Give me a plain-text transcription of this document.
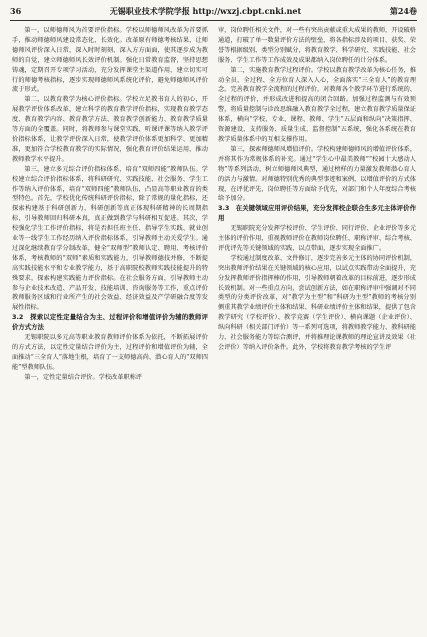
36	无锡职业技术学院学报 http://wxzj.cbpt.cnki.net	第24卷

第一，以师德师风为首要评价指标。学校以师德师风改革为首要抓手，推动师德师风建设常态化、长效化。改革原有师德考核结果，让师德师风评价深入日常，深入时时刻刻、深入方方面面，使其逐步成为教师的自觉，建立师德师风长效评价机制。强化日常教育监督，坚持思想铸魂，定期召开专项学习活动，充分发挥课堂主渠道作用，建立切实可行的师德考核指标，逐步实现师德师风系统化评价，避免师德师风评价流于形式。

第二，以教育教学为核心评价指标。学校立足教书育人的初心，开展教学评价体系改革，建立科学的教育教学评价指标，实现教育教学态度、教育教学内容、教育教学方法、教育教学创新能力、教育教学质量等方面的全覆盖。同时，将教师参与课堂实践、听课评课等纳入教学评价指标体系，让教学评价深入日常，使教学评价体系更加科学、更加精准，更加符合学校教育教学的实际情况，强化教育评价结果运用，推动教师教学水平提升。

第三，建立多元综合评价指标体系，培育“双师四能”教师队伍。学校建立综合评价指标体系，将科研研究、实践技能、社会服务、学生工作等纳入评价体系，培育“双师四能”教师队伍，凸显高等职业教育的类型特色。首先，学校优化传统科研评价指标，除了常规的量化指标，还探索构建基于科研创新力、科研创新等真正体现科研精神的长周期指标，引导教师回归科研本真，真正做到教学与科研相互促进。其次，学校强化学生工作评价指标，将是否担任班主任、指导学生实践、就业创业等一线学生工作经历纳入评价指标体系，引导教师主动关爱学生。通过深化继续教育学分制改革，健全“双师型”教师认定、聘用、考核评价体系，考核教师的“双师”素质和实践能力，引导教师德技并修，不断提高实践技能水平和专业教学能力，基于高职院校教师实践技能提升的特殊要求，探索构建实践能力评价指标。在社会服务方面，引导教师主动参与企业技术改造、产品开发、技能培训、咨询服务等工作，重点评价教师服务区域和行业所产生的社会效益、经济效益及产学研融合度等发展性指标。

3.2　探索以定性定量结合为主、过程评价和增值评价为辅的教师评价方式方法

无锡职院以多元高等职业教育教师评价体系为依托，不断拓展评价的方式方法，以定性定量结合评价为主，过程评价和增值评价为辅，全面推动“三全育人”落地生根，培育了一支师德高尚、潜心育人的“双师四能”型教师队伍。

第一，定性定量结合评价。学校改革职称评

审，岗位聘任相关文件，对一些有突出贡献或重大成果的教师，开设破格通道，打破了单一数量评价方法的壁垒，将各指标涉及的项目、获奖、荣誉等根据级别、类型分别赋分，将教育教学、科学研究、实践技能、社会服务、学生工作等工作成效及成果都纳入岗位聘任的计分体系。

第二，实施教育教学过程评价。学校以教育教学改革为核心任务，推动全员、全过程、全方位育人深入人心，全面落实“三全育人”的教育理念。完善教育教学全流程的过程评价，对教师各个教学环节进行系统的、全过程的评价，并形成改进和提高的闭合回路。加强过程监测与有效预警，将质量控制与诊改思维融入教育教学全过程，建立教育教学质量保证体系，横向“学校、专业、课程、教师、学生”五层面和纵向“决策指挥、资源建设、支持服务、质量生成、监督控制”五系统，强化各系统在教育教学质量体系中的互相支撑作用。

第三，探索师德师风增值评价。学校构建师德师风的增值评价体系，并将其作为常规体系的补充。通过“学生心中最美教师”“校园十大感动人物”等系列活动，树立师德师风典型，通过榜样的力量激发教师潜心育人的活力与激情。对师德特别优秀的典型事迹和案例，以增值评价的方式体现，在评优评先、岗位聘任等方面给予优先，对部门和个人年度综合考核给予加分。

3.3　在关键领域应用评价结果，充分发挥校企联合生多元主体评价作用

无锡职院充分发挥学校评价、学生评价、同行评价、企业评价等多元主体的评价作用，重视教师评价在教师岗位聘任、职称评审、综合考核、评优评先等关键领域的实践，以点带面，逐步实现全面推广。

学校通过制度改革、文件修订，逐步完善多元主体的协同评价机制，突出教师评价结果在关键领域的核心应用，以试点实践带动全面提升，充分发挥教师评价指挥棒的作用，引导教师朝着改革的目标前进，逐步形成长效机制。对一些重点方向，尝试创新方法，如在职称评审中强调对不同类型的分类评价改革，对“教学为主型”和“科研为主型”教师的考核分别侧重其教学业绩评价主体和结果、科研业绩评价主体和结果，提供了包含教学研究（学校评价）、教学竞赛（学生评价）、横向课题（企业评价）、纵向科研（相关部门评价）等一系列可选项，将教师教学能力、教科研能力、社会服务能力等综合测评，并将推理论课教师的理论宣讲及效果（社会评价）等纳入评价条件。此外，学校将教育教学考核的学生评
